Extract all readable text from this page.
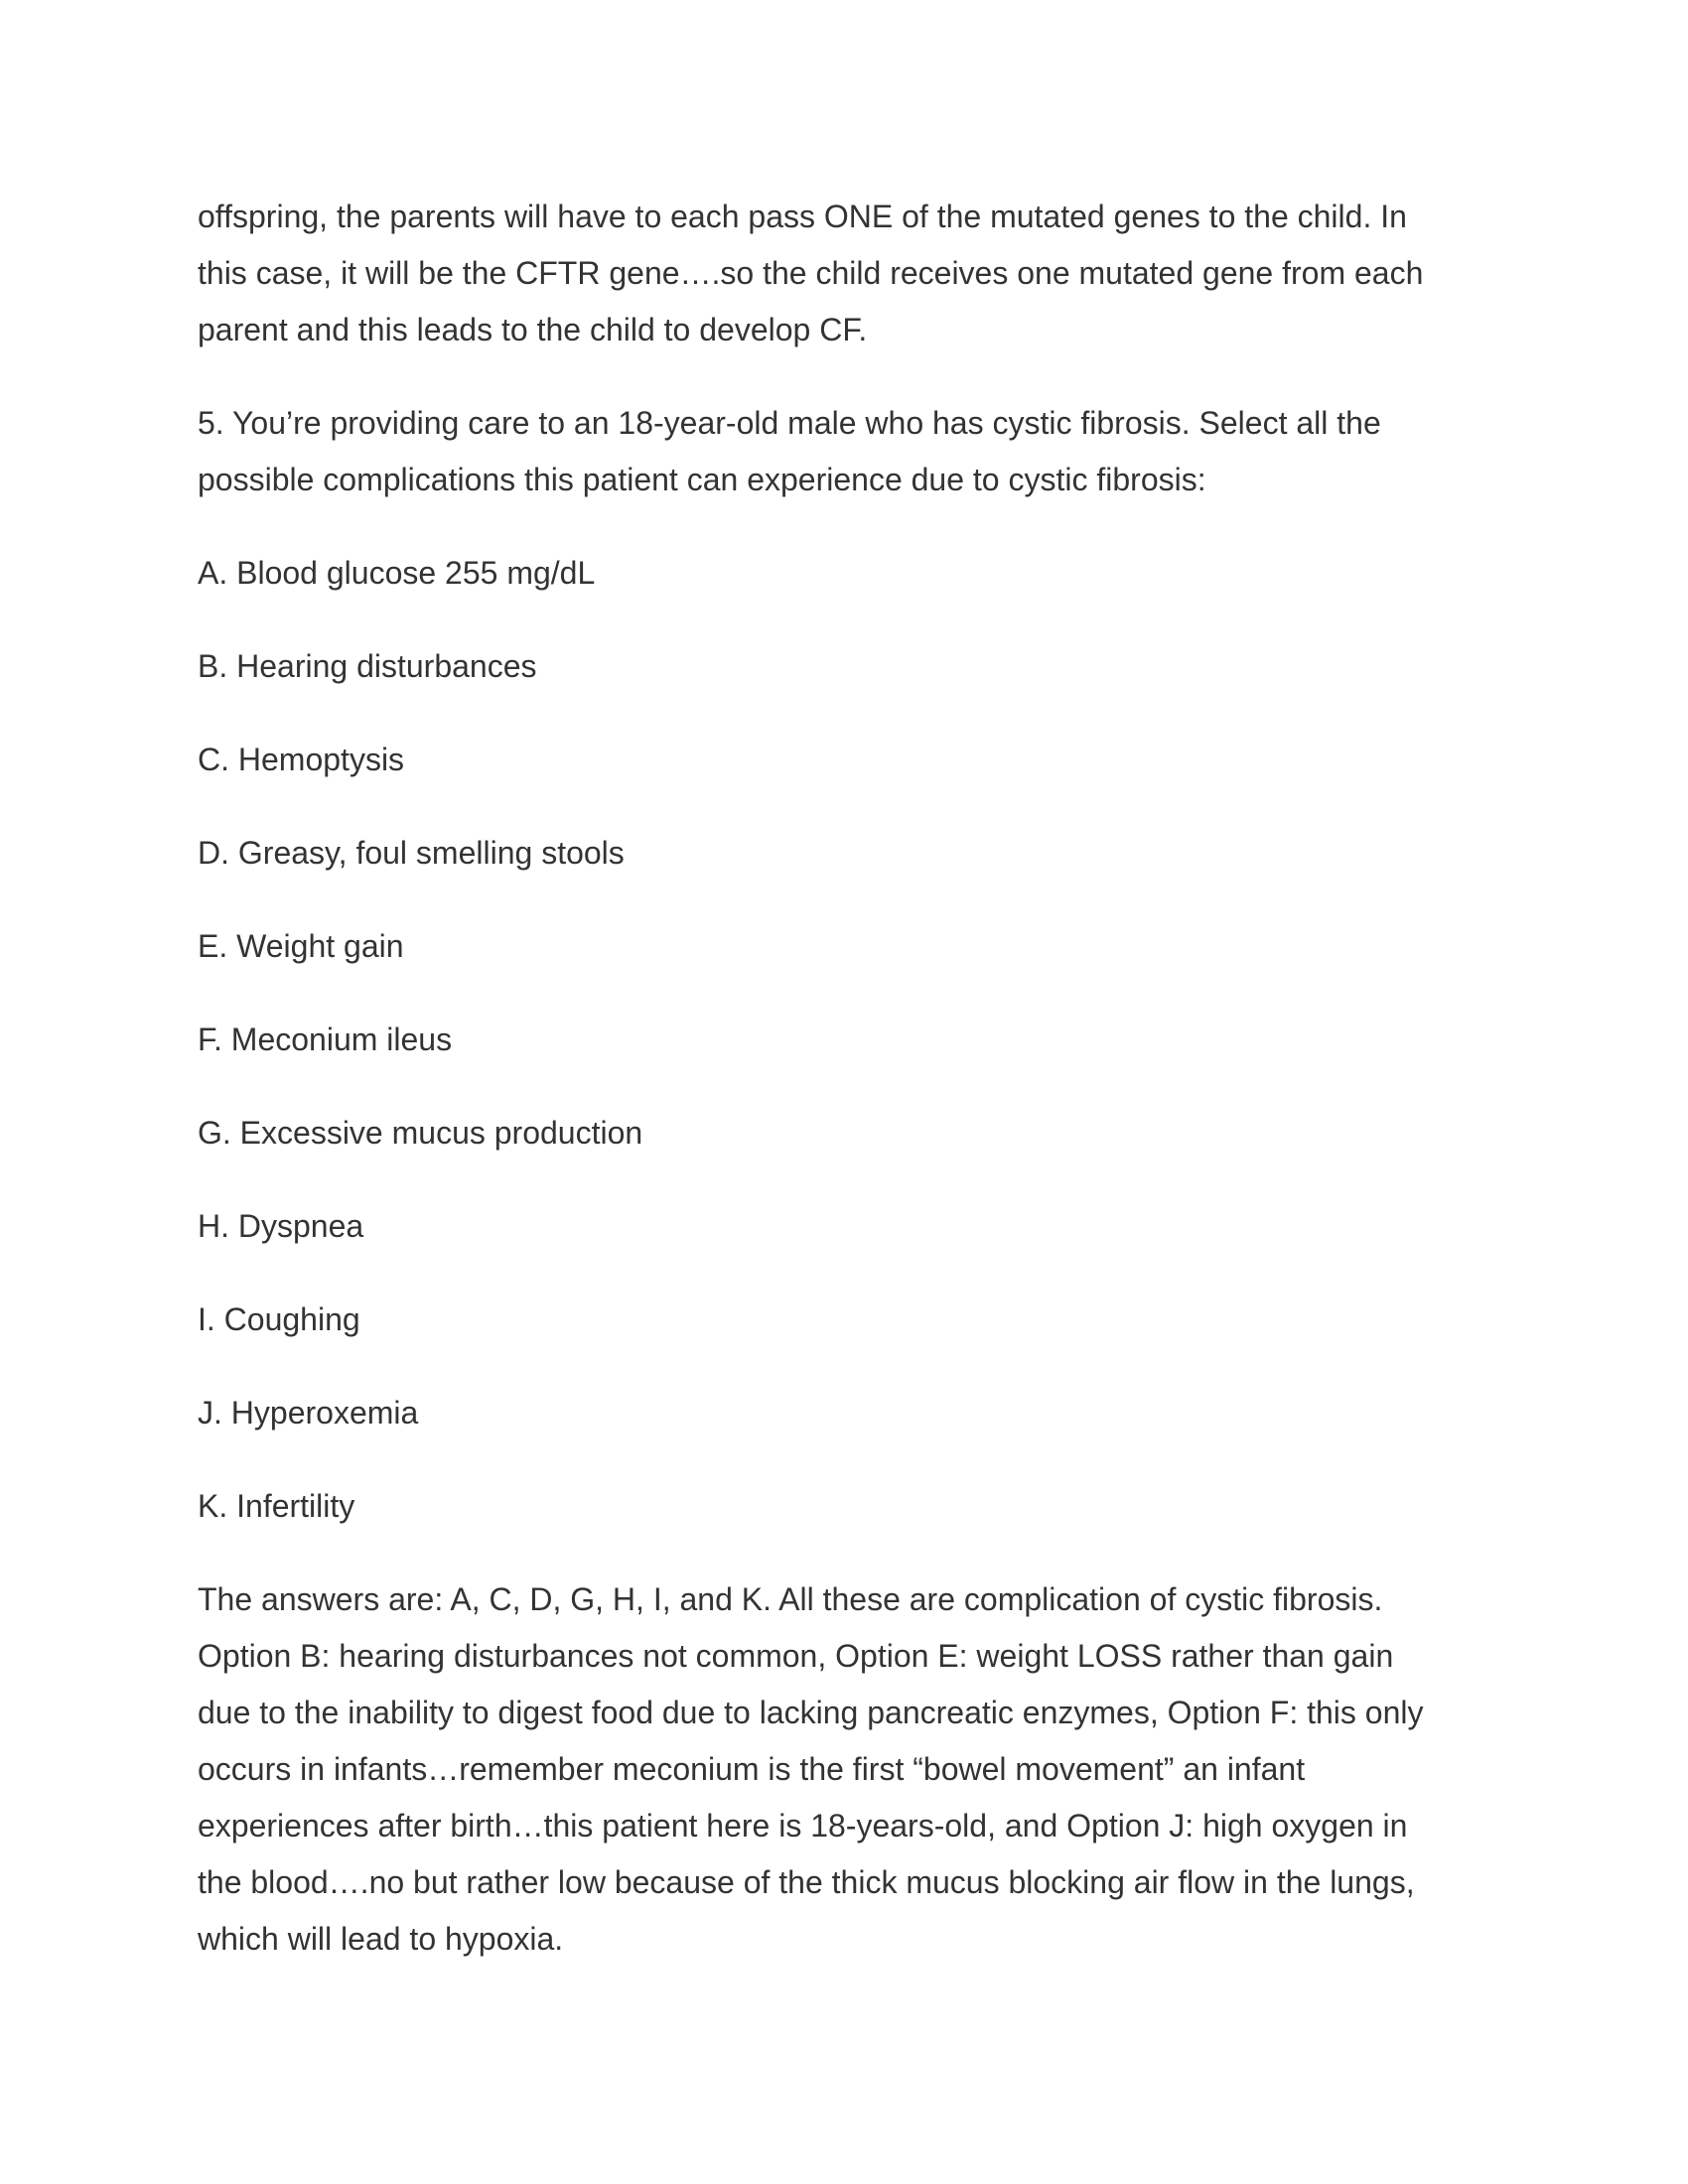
offspring, the parents will have to each pass ONE of the mutated genes to the child. In
this case, it will be the CFTR gene….so the child receives one mutated gene from each
parent and this leads to the child to develop CF.

5. You’re providing care to an 18-year-old male who has cystic fibrosis. Select all the
possible complications this patient can experience due to cystic fibrosis:

A. Blood glucose 255 mg/dL

B. Hearing disturbances

C. Hemoptysis

D. Greasy, foul smelling stools

E. Weight gain

F. Meconium ileus

G. Excessive mucus production

H. Dyspnea

I. Coughing

J. Hyperoxemia

K. Infertility

The answers are: A, C, D, G, H, I, and K. All these are complication of cystic fibrosis.
Option B: hearing disturbances not common, Option E: weight LOSS rather than gain
due to the inability to digest food due to lacking pancreatic enzymes, Option F: this only
occurs in infants…remember meconium is the first “bowel movement” an infant
experiences after birth…this patient here is 18-years-old, and Option J: high oxygen in
the blood….no but rather low because of the thick mucus blocking air flow in the lungs,
which will lead to hypoxia.
